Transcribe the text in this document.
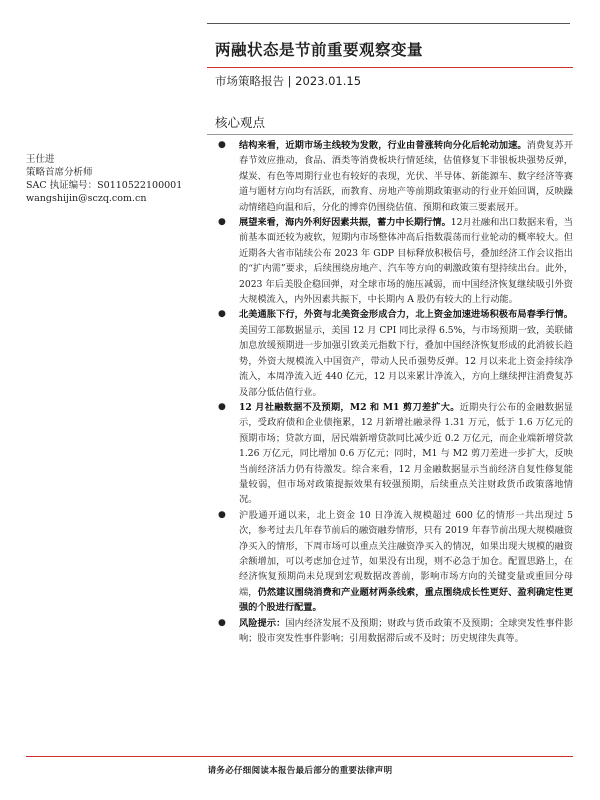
两融状态是节前重要观察变量
市场策略报告 | 2023.01.15
核心观点
王仕进
策略首席分析师
SAC 执证编号：S0110522100001
wangshijin@sczq.com.cn

● 结构来看，近期市场主线较为发散，行业由普涨转向分化后轮动加速。消费复苏开春节效应推动，食品、酒类等消费板块行情延续，估值修复下非银板块强势反弹，煤炭、有色等周期行业也有较好的表现，光伏、半导体、新能源车、数字经济等赛道与题材方向均有活跃，而教育、房地产等前期政策驱动的行业开始回调，反映躁动情绪趋向温和后，分化的博弈仍围绕估值、预期和政策三要素展开。

● 展望来看，海内外利好因素共振，蓄力中长期行情。12月社融和出口数据来看，当前基本面还较为疲软，短期内市场整体冲高后指数震荡而行业轮动的概率较大。但近期各大省市陆续公布 2023 年 GDP 目标释放积极信号，叠加经济工作会议指出的“扩内需”要求，后续围绕房地产、汽车等方向的刺激政策有望持续出台。此外，2023 年后美股企稳回弹，对全球市场的施压减弱，而中国经济恢复继续吸引外资大规模流入，内外因素共振下，中长期内 A 股仍有较大的上行动能。

● 北美通胀下行，外资与北美资金形成合力，北上资金加速进场积极布局春季行情。美国劳工部数据显示，美国 12 月 CPI 同比录得 6.5%，与市场预期一致，美联储加息放缓预期进一步加强引致美元指数下行，叠加中国经济恢复形成的此消彼长趋势，外资大规模流入中国资产，带动人民币强势反弹。12 月以来北上资金持续净流入，本周净流入近 440 亿元，12 月以来累计净流入，方向上继续押注消费复苏及部分低估值行业。

● 12 月社融数据不及预期，M2 和 M1 剪刀差扩大。近期央行公布的金融数据显示，受政府债和企业债拖累，12 月新增社融录得 1.31 万元，低于 1.6 万亿元的预期市场；贷款方面，居民端新增贷款同比减少近 0.2 万亿元，而企业端新增贷款 1.26 万亿元，同比增加 0.6 万亿元；同时，M1 与 M2 剪刀差进一步扩大，反映当前经济活力仍有待激发。综合来看，12 月金融数据显示当前经济自复性修复能量较弱，但市场对政策提振效果有较强预期，后续重点关注财政货币政策落地情况。

● 沪股通开通以来，北上资金 10 日净流入规模超过 600 亿的情形一共出现过 5 次，参考过去几年春节前后的融资融券情形，只有 2019 年春节前出现大规模融资净买入的情形，下周市场可以重点关注融资净买入的情况，如果出现大规模的融资余额增加，可以考虑加仓过节，如果没有出现，则不必急于加仓。配置思路上，在经济恢复预期尚未兑现到宏观数据改善前，影响市场方向的关键变量或重回分母端，仍然建议围绕消费和产业题材两条线索，重点围绕成长性更好、盈利确定性更强的个股进行配置。

● 风险提示：国内经济发展不及预期；财政与货币政策不及预期；全球突发性事件影响；股市突发性事件影响；引用数据滞后或不及时；历史规律失真等。

请务必仔细阅读本报告最后部分的重要法律声明
